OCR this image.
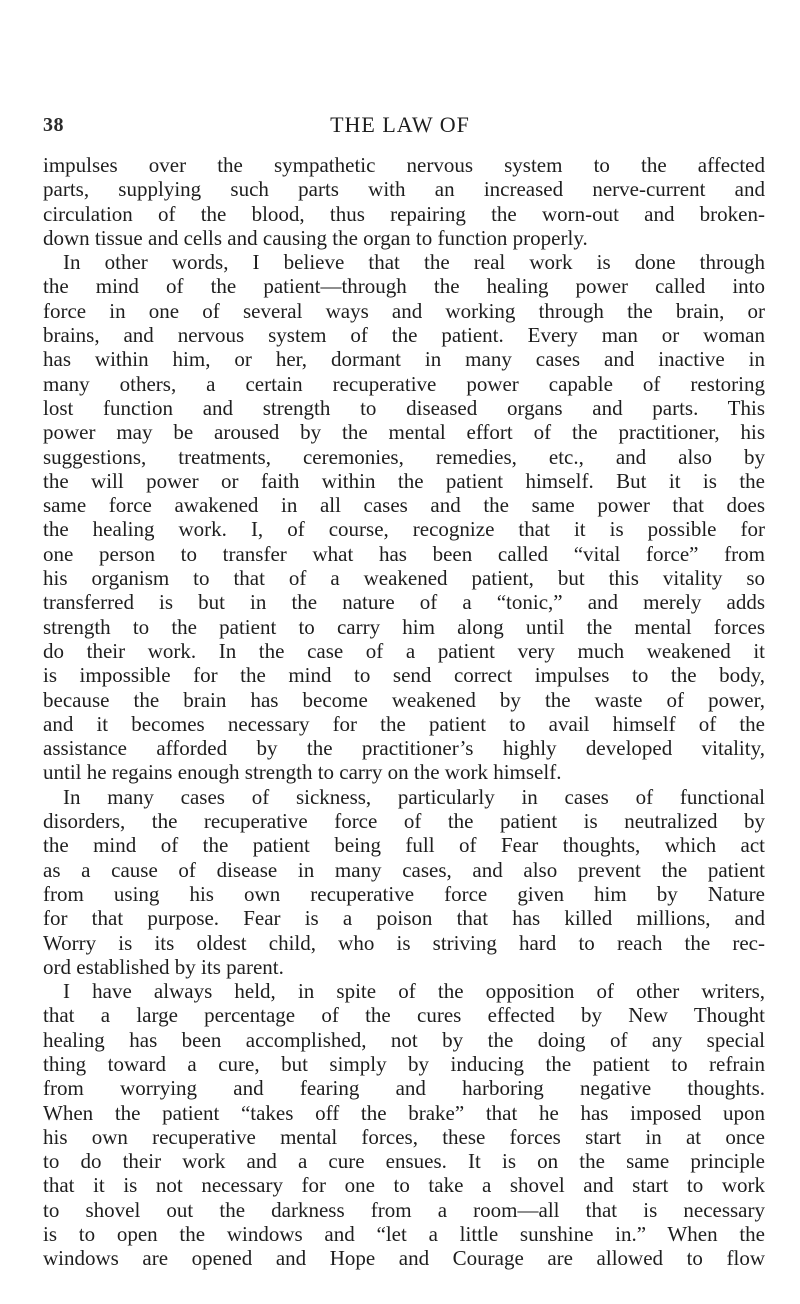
38	THE LAW OF
impulses over the sympathetic nervous system to the affected
parts, supplying such parts with an increased nerve-current and
circulation of the blood, thus repairing the worn-out and broken-
down tissue and cells and causing the organ to function properly.
In other words, I believe that the real work is done through
the mind of the patient—through the healing power called into
force in one of several ways and working through the brain, or
brains, and nervous system of the patient. Every man or woman
has within him, or her, dormant in many cases and inactive in
many others, a certain recuperative power capable of restoring
lost function and strength to diseased organs and parts. This
power may be aroused by the mental effort of the practitioner, his
suggestions, treatments, ceremonies, remedies, etc., and also by
the will power or faith within the patient himself. But it is the
same force awakened in all cases and the same power that does
the healing work. I, of course, recognize that it is possible for
one person to transfer what has been called “vital force” from
his organism to that of a weakened patient, but this vitality so
transferred is but in the nature of a “tonic,” and merely adds
strength to the patient to carry him along until the mental forces
do their work. In the case of a patient very much weakened it
is impossible for the mind to send correct impulses to the body,
because the brain has become weakened by the waste of power,
and it becomes necessary for the patient to avail himself of the
assistance afforded by the practitioner’s highly developed vitality,
until he regains enough strength to carry on the work himself.
In many cases of sickness, particularly in cases of functional
disorders, the recuperative force of the patient is neutralized by
the mind of the patient being full of Fear thoughts, which act
as a cause of disease in many cases, and also prevent the patient
from using his own recuperative force given him by Nature
for that purpose. Fear is a poison that has killed millions, and
Worry is its oldest child, who is striving hard to reach the rec-
ord established by its parent.
I have always held, in spite of the opposition of other writers,
that a large percentage of the cures effected by New Thought
healing has been accomplished, not by the doing of any special
thing toward a cure, but simply by inducing the patient to refrain
from worrying and fearing and harboring negative thoughts.
When the patient “takes off the brake” that he has imposed upon
his own recuperative mental forces, these forces start in at once
to do their work and a cure ensues. It is on the same principle
that it is not necessary for one to take a shovel and start to work
to shovel out the darkness from a room—all that is necessary
is to open the windows and “let a little sunshine in.” When the
windows are opened and Hope and Courage are allowed to flow
